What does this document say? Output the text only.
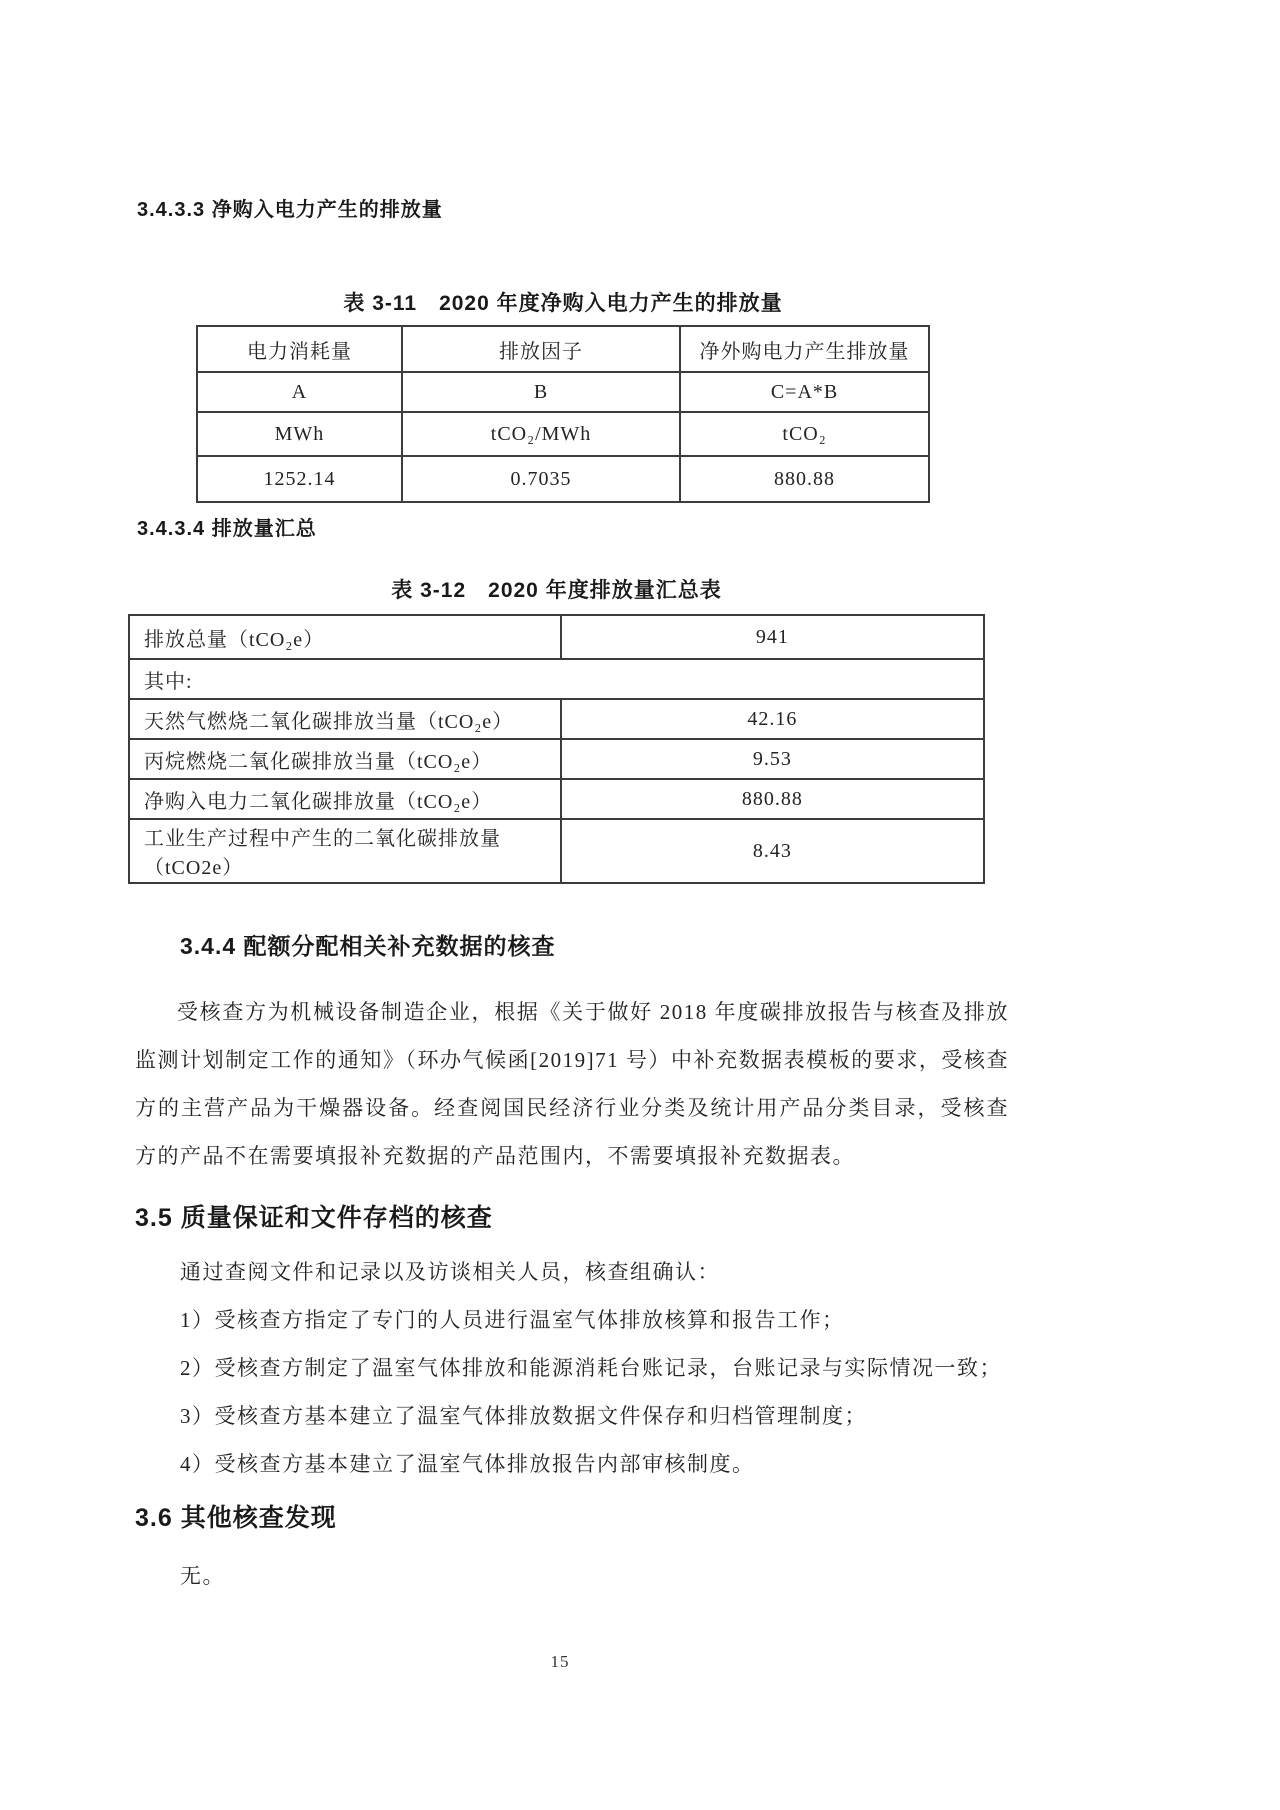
3.4.3.3 净购入电力产生的排放量
表 3-11　2020 年度净购入电力产生的排放量
电力消耗量	排放因子	净外购电力产生排放量
A	B	C=A*B
MWh	tCO₂/MWh	tCO₂
1252.14	0.7035	880.88
3.4.3.4 排放量汇总
表 3-12　2020 年度排放量汇总表
排放总量（tCO₂e）	941
其中:	
天然气燃烧二氧化碳排放当量（tCO₂e）	42.16
丙烷燃烧二氧化碳排放当量（tCO₂e）	9.53
净购入电力二氧化碳排放量（tCO₂e）	880.88
工业生产过程中产生的二氧化碳排放量（tCO2e）	8.43
3.4.4 配额分配相关补充数据的核查
受核查方为机械设备制造企业，根据《关于做好 2018 年度碳排放报告与核查及排放监测计划制定工作的通知》（环办气候函[2019]71 号）中补充数据表模板的要求，受核查方的主营产品为干燥器设备。经查阅国民经济行业分类及统计用产品分类目录，受核查方的产品不在需要填报补充数据的产品范围内，不需要填报补充数据表。
3.5 质量保证和文件存档的核查
通过查阅文件和记录以及访谈相关人员，核查组确认：
1）受核查方指定了专门的人员进行温室气体排放核算和报告工作；
2）受核查方制定了温室气体排放和能源消耗台账记录，台账记录与实际情况一致；
3）受核查方基本建立了温室气体排放数据文件保存和归档管理制度；
4）受核查方基本建立了温室气体排放报告内部审核制度。
3.6 其他核查发现
无。
15
